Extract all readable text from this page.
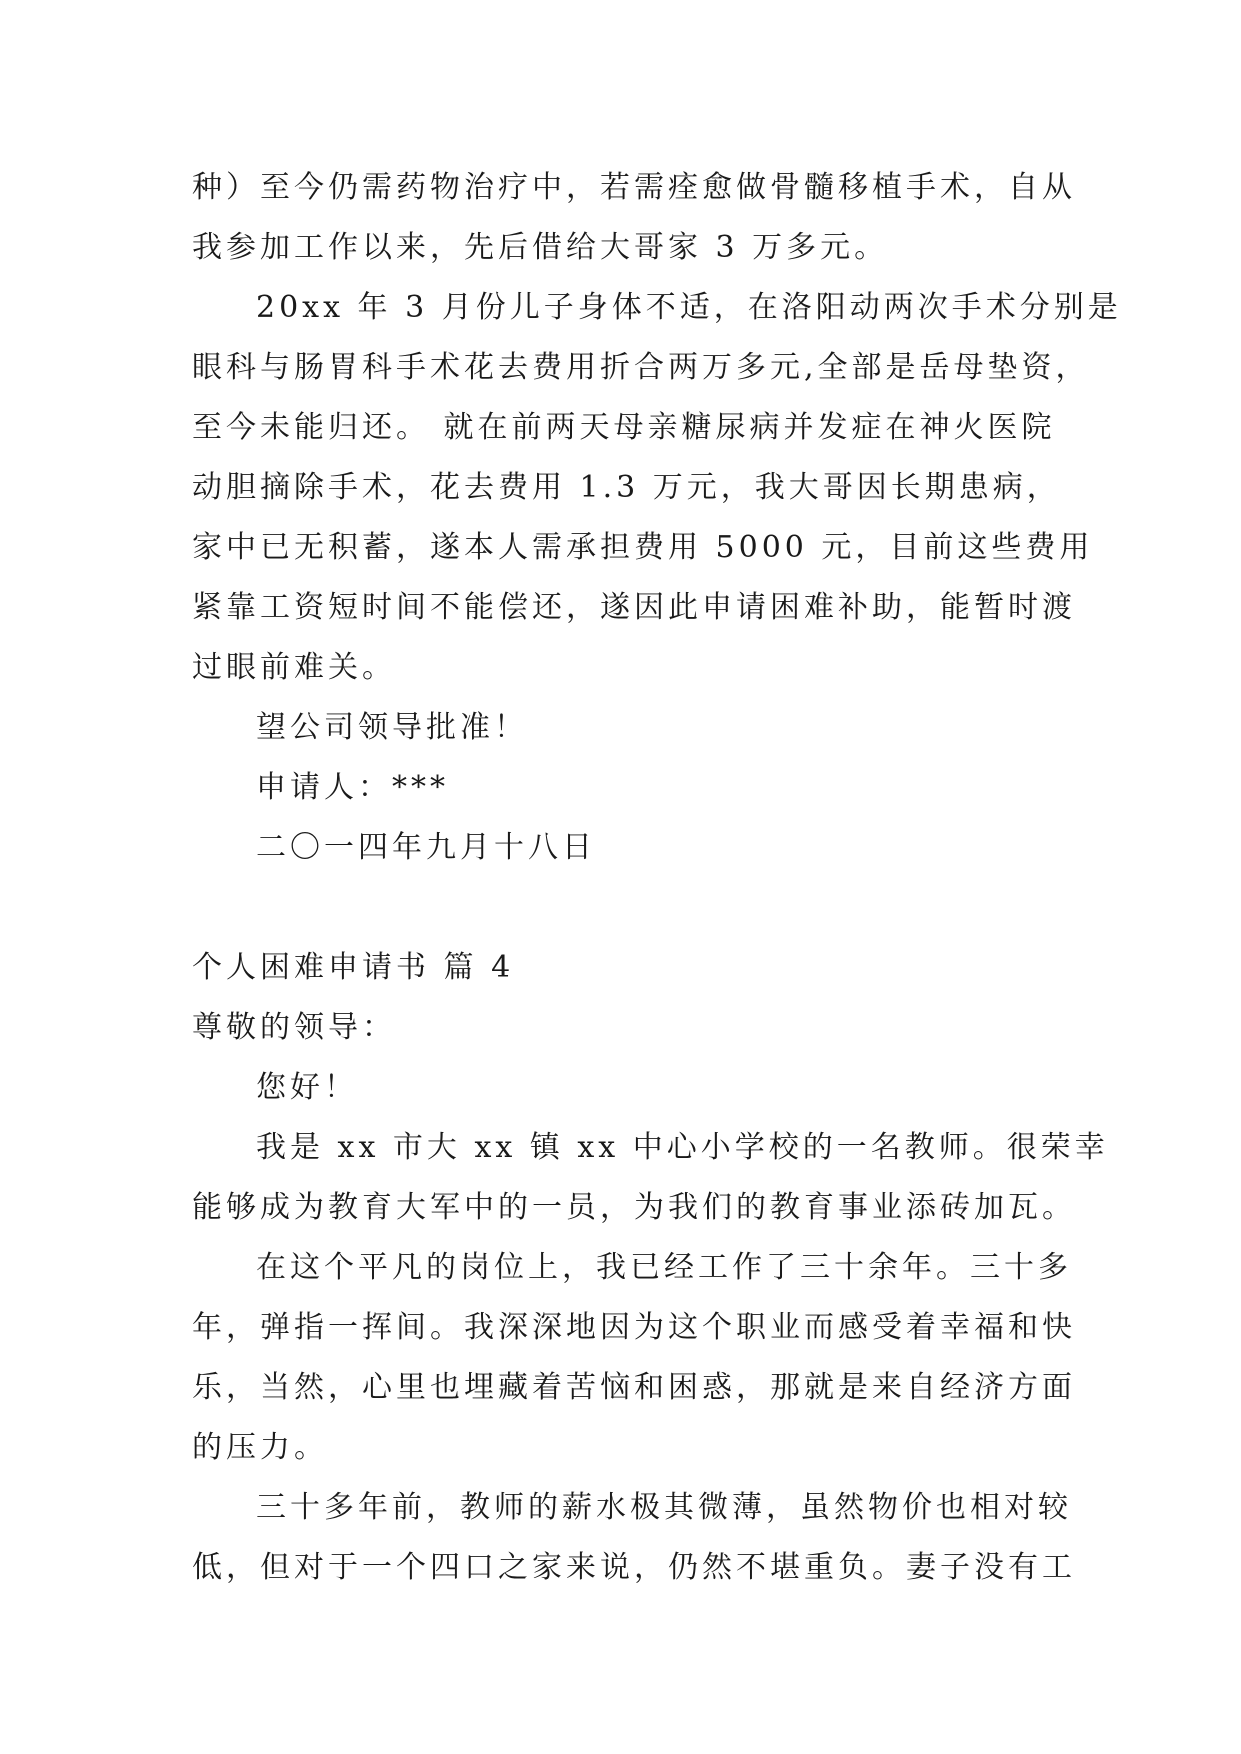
种）至今仍需药物治疗中，若需痊愈做骨髓移植手术，自从
我参加工作以来，先后借给大哥家 3 万多元。
20xx 年 3 月份儿子身体不适，在洛阳动两次手术分别是
眼科与肠胃科手术花去费用折合两万多元,全部是岳母垫资，
至今未能归还。 就在前两天母亲糖尿病并发症在神火医院
动胆摘除手术，花去费用 1.3 万元，我大哥因长期患病，
家中已无积蓄，遂本人需承担费用 5000 元，目前这些费用
紧靠工资短时间不能偿还，遂因此申请困难补助，能暂时渡
过眼前难关。
望公司领导批准！
申请人：***
二〇一四年九月十八日
个人困难申请书 篇 4
尊敬的领导：
您好！
我是 xx 市大 xx 镇 xx 中心小学校的一名教师。很荣幸
能够成为教育大军中的一员，为我们的教育事业添砖加瓦。
在这个平凡的岗位上，我已经工作了三十余年。三十多
年，弹指一挥间。我深深地因为这个职业而感受着幸福和快
乐，当然，心里也埋藏着苦恼和困惑，那就是来自经济方面
的压力。
三十多年前，教师的薪水极其微薄，虽然物价也相对较
低，但对于一个四口之家来说，仍然不堪重负。妻子没有工
